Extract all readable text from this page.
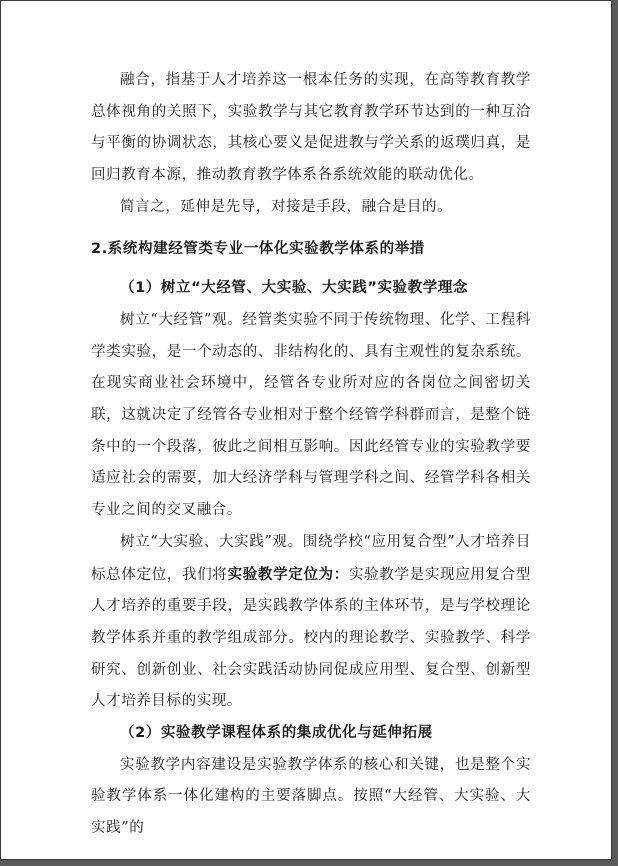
融合，指基于人才培养这一根本任务的实现，在高等教育教学总体视角的关照下，实验教学与其它教育教学环节达到的一种互洽与平衡的协调状态，其核心要义是促进教与学关系的返璞归真，是回归教育本源，推动教育教学体系各系统效能的联动优化。

简言之，延伸是先导，对接是手段，融合是目的。

2.系统构建经管类专业一体化实验教学体系的举措

（1）树立“大经管、大实验、大实践”实验教学理念

树立“大经管”观。经管类实验不同于传统物理、化学、工程科学类实验，是一个动态的、非结构化的、具有主观性的复杂系统。在现实商业社会环境中，经管各专业所对应的各岗位之间密切关联，这就决定了经管各专业相对于整个经管学科群而言，是整个链条中的一个段落，彼此之间相互影响。因此经管专业的实验教学要适应社会的需要，加大经济学科与管理学科之间、经管学科各相关专业之间的交叉融合。

树立“大实验、大实践”观。围绕学校“应用复合型”人才培养目标总体定位，我们将实验教学定位为：实验教学是实现应用复合型人才培养的重要手段，是实践教学体系的主体环节，是与学校理论教学体系并重的教学组成部分。校内的理论教学、实验教学、科学研究、创新创业、社会实践活动协同促成应用型、复合型、创新型人才培养目标的实现。

（2）实验教学课程体系的集成优化与延伸拓展

实验教学内容建设是实验教学体系的核心和关键，也是整个实验教学体系一体化建构的主要落脚点。按照“大经管、大实验、大实践”的
